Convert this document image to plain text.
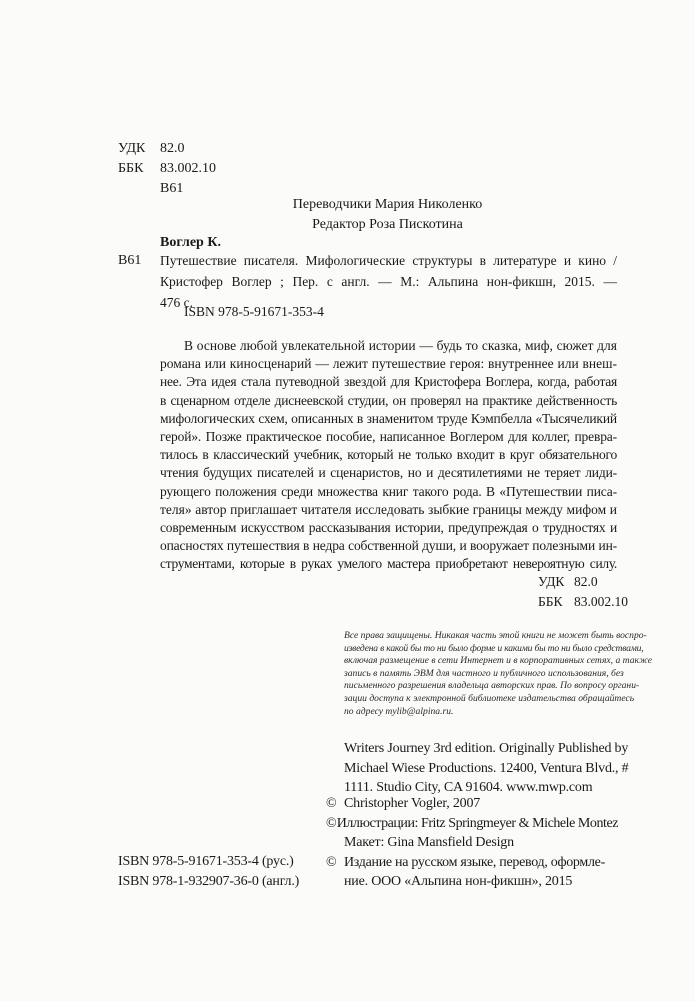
УДК	82.0
ББК	83.002.10
В61
Переводчики Мария Николенко
Редактор Роза Пискотина
Воглер К.
В61 Путешествие писателя. Мифологические структуры в литературе и кино /
Кристофер Воглер ; Пер. с англ. — М.: Альпина нон-фикшн, 2015. —
476 с.
ISBN 978-5-91671-353-4
В основе любой увлекательной истории — будь то сказка, миф, сюжет для
романа или киносценарий — лежит путешествие героя: внутреннее или внеш-
нее. Эта идея стала путеводной звездой для Кристофера Воглера, когда, работая
в сценарном отделе диснеевской студии, он проверял на практике действенность
мифологических схем, описанных в знаменитом труде Кэмпбелла «Тысячеликий
герой». Позже практическое пособие, написанное Воглером для коллег, превра-
тилось в классический учебник, который не только входит в круг обязательного
чтения будущих писателей и сценаристов, но и десятилетиями не теряет лиди-
рующего положения среди множества книг такого рода. В «Путешествии писа-
теля» автор приглашает читателя исследовать зыбкие границы между мифом и
современным искусством рассказывания истории, предупреждая о трудностях и
опасностях путешествия в недра собственной души, и вооружает полезными ин-
струментами, которые в руках умелого мастера приобретают невероятную силу.
УДК 82.0
ББК 83.002.10
Все права защищены. Никакая часть этой книги не может быть воспро-
изведена в какой бы то ни было форме и какими бы то ни было средствами,
включая размещение в сети Интернет и в корпоративных сетях, а также
запись в память ЭВМ для частного и публичного использования, без
письменного разрешения владельца авторских прав. По вопросу органи-
зации доступа к электронной библиотеке издательства обращайтесь
по адресу mylib@alpina.ru.
Writers Journey 3rd edition. Originally Published by
Michael Wiese Productions. 12400, Ventura Blvd., #
1111. Studio City, CA 91604. www.mwp.com
© Christopher Vogler, 2007
© Иллюстрации: Fritz Springmeyer & Michele Montez
Макет: Gina Mansfield Design
© Издание на русском языке, перевод, оформле-
ние. ООО «Альпина нон-фикшн», 2015
ISBN 978-5-91671-353-4 (рус.)
ISBN 978-1-932907-36-0 (англ.)
